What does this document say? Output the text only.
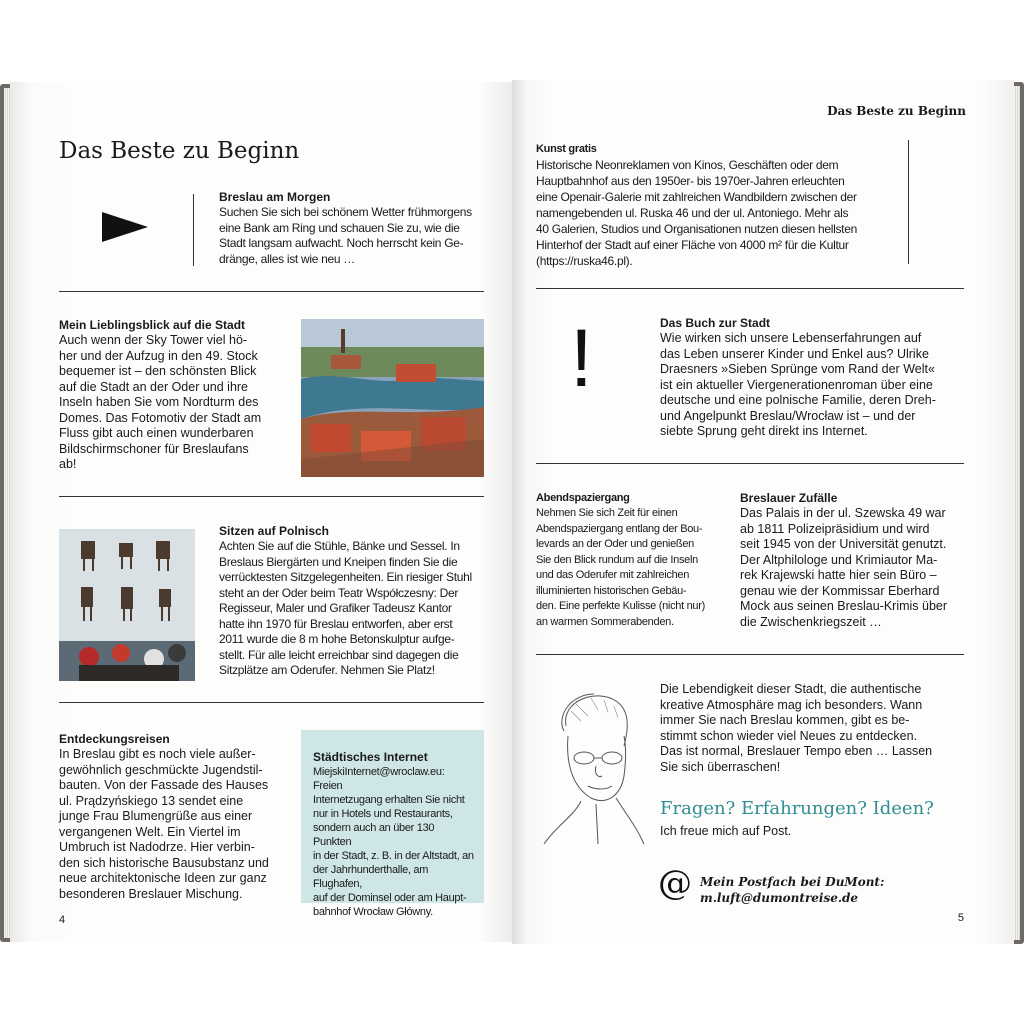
Das Beste zu Beginn
Breslau am Morgen
Suchen Sie sich bei schönem Wetter frühmorgens
eine Bank am Ring und schauen Sie zu, wie die
Stadt langsam aufwacht. Noch herrscht kein Ge-
dränge, alles ist wie neu …
Mein Lieblingsblick auf die Stadt
Auch wenn der Sky Tower viel hö-
her und der Aufzug in den 49. Stock
bequemer ist – den schönsten Blick
auf die Stadt an der Oder und ihre
Inseln haben Sie vom Nordturm des
Domes. Das Fotomotiv der Stadt am
Fluss gibt auch einen wunderbaren
Bildschirmschoner für Breslaufans
ab!
Sitzen auf Polnisch
Achten Sie auf die Stühle, Bänke und Sessel. In
Breslaus Biergärten und Kneipen finden Sie die
verrücktesten Sitzgelegenheiten. Ein riesiger Stuhl
steht an der Oder beim Teatr Współczesny: Der
Regisseur, Maler und Grafiker Tadeusz Kantor
hatte ihn 1970 für Breslau entworfen, aber erst
2011 wurde die 8 m hohe Betonskulptur aufge-
stellt. Für alle leicht erreichbar sind dagegen die
Sitzplätze am Oderufer. Nehmen Sie Platz!
Entdeckungsreisen
In Breslau gibt es noch viele außer-
gewöhnlich geschmückte Jugendstil-
bauten. Von der Fassade des Hauses
ul. Prądzyńskiego 13 sendet eine
junge Frau Blumengrüße aus einer
vergangenen Welt. Ein Viertel im
Umbruch ist Nadodrze. Hier verbin-
den sich historische Bausubstanz und
neue architektonische Ideen zur ganz
besonderen Breslauer Mischung.
Städtisches Internet
MiejskiInternet@wroclaw.eu: Freien
Internetzugang erhalten Sie nicht
nur in Hotels und Restaurants,
sondern auch an über 130 Punkten
in der Stadt, z. B. in der Altstadt, an
der Jahrhunderthalle, am Flughafen,
auf der Dominsel oder am Haupt-
bahnhof Wrocław Główny.
4
Das Beste zu Beginn
Kunst gratis
Historische Neonreklamen von Kinos, Geschäften oder dem
Hauptbahnhof aus den 1950er- bis 1970er-Jahren erleuchten
eine Openair-Galerie mit zahlreichen Wandbildern zwischen der
namengebenden ul. Ruska 46 und der ul. Antoniego. Mehr als
40 Galerien, Studios und Organisationen nutzen diesen hellsten
Hinterhof der Stadt auf einer Fläche von 4000 m² für die Kultur
(https://ruska46.pl).
!	Das Buch zur Stadt
Wie wirken sich unsere Lebenserfahrungen auf
das Leben unserer Kinder und Enkel aus? Ulrike
Draesners »Sieben Sprünge vom Rand der Welt«
ist ein aktueller Viergenerationenroman über eine
deutsche und eine polnische Familie, deren Dreh-
und Angelpunkt Breslau/Wrocław ist – und der
siebte Sprung geht direkt ins Internet.
Abendspaziergang
Nehmen Sie sich Zeit für einen
Abendspaziergang entlang der Bou-
levards an der Oder und genießen
Sie den Blick rundum auf die Inseln
und das Oderufer mit zahlreichen
illuminierten historischen Gebäu-
den. Eine perfekte Kulisse (nicht nur)
an warmen Sommerabenden.
Breslauer Zufälle
Das Palais in der ul. Szewska 49 war
ab 1811 Polizeipräsidium und wird
seit 1945 von der Universität genutzt.
Der Altphilologe und Krimiautor Ma-
rek Krajewski hatte hier sein Büro –
genau wie der Kommissar Eberhard
Mock aus seinen Breslau-Krimis über
die Zwischenkriegszeit …
Die Lebendigkeit dieser Stadt, die authentische
kreative Atmosphäre mag ich besonders. Wann
immer Sie nach Breslau kommen, gibt es be-
stimmt schon wieder viel Neues zu entdecken.
Das ist normal, Breslauer Tempo eben … Lassen
Sie sich überraschen!
Fragen? Erfahrungen? Ideen?
Ich freue mich auf Post.
@ Mein Postfach bei DuMont:
m.luft@dumontreise.de
5
